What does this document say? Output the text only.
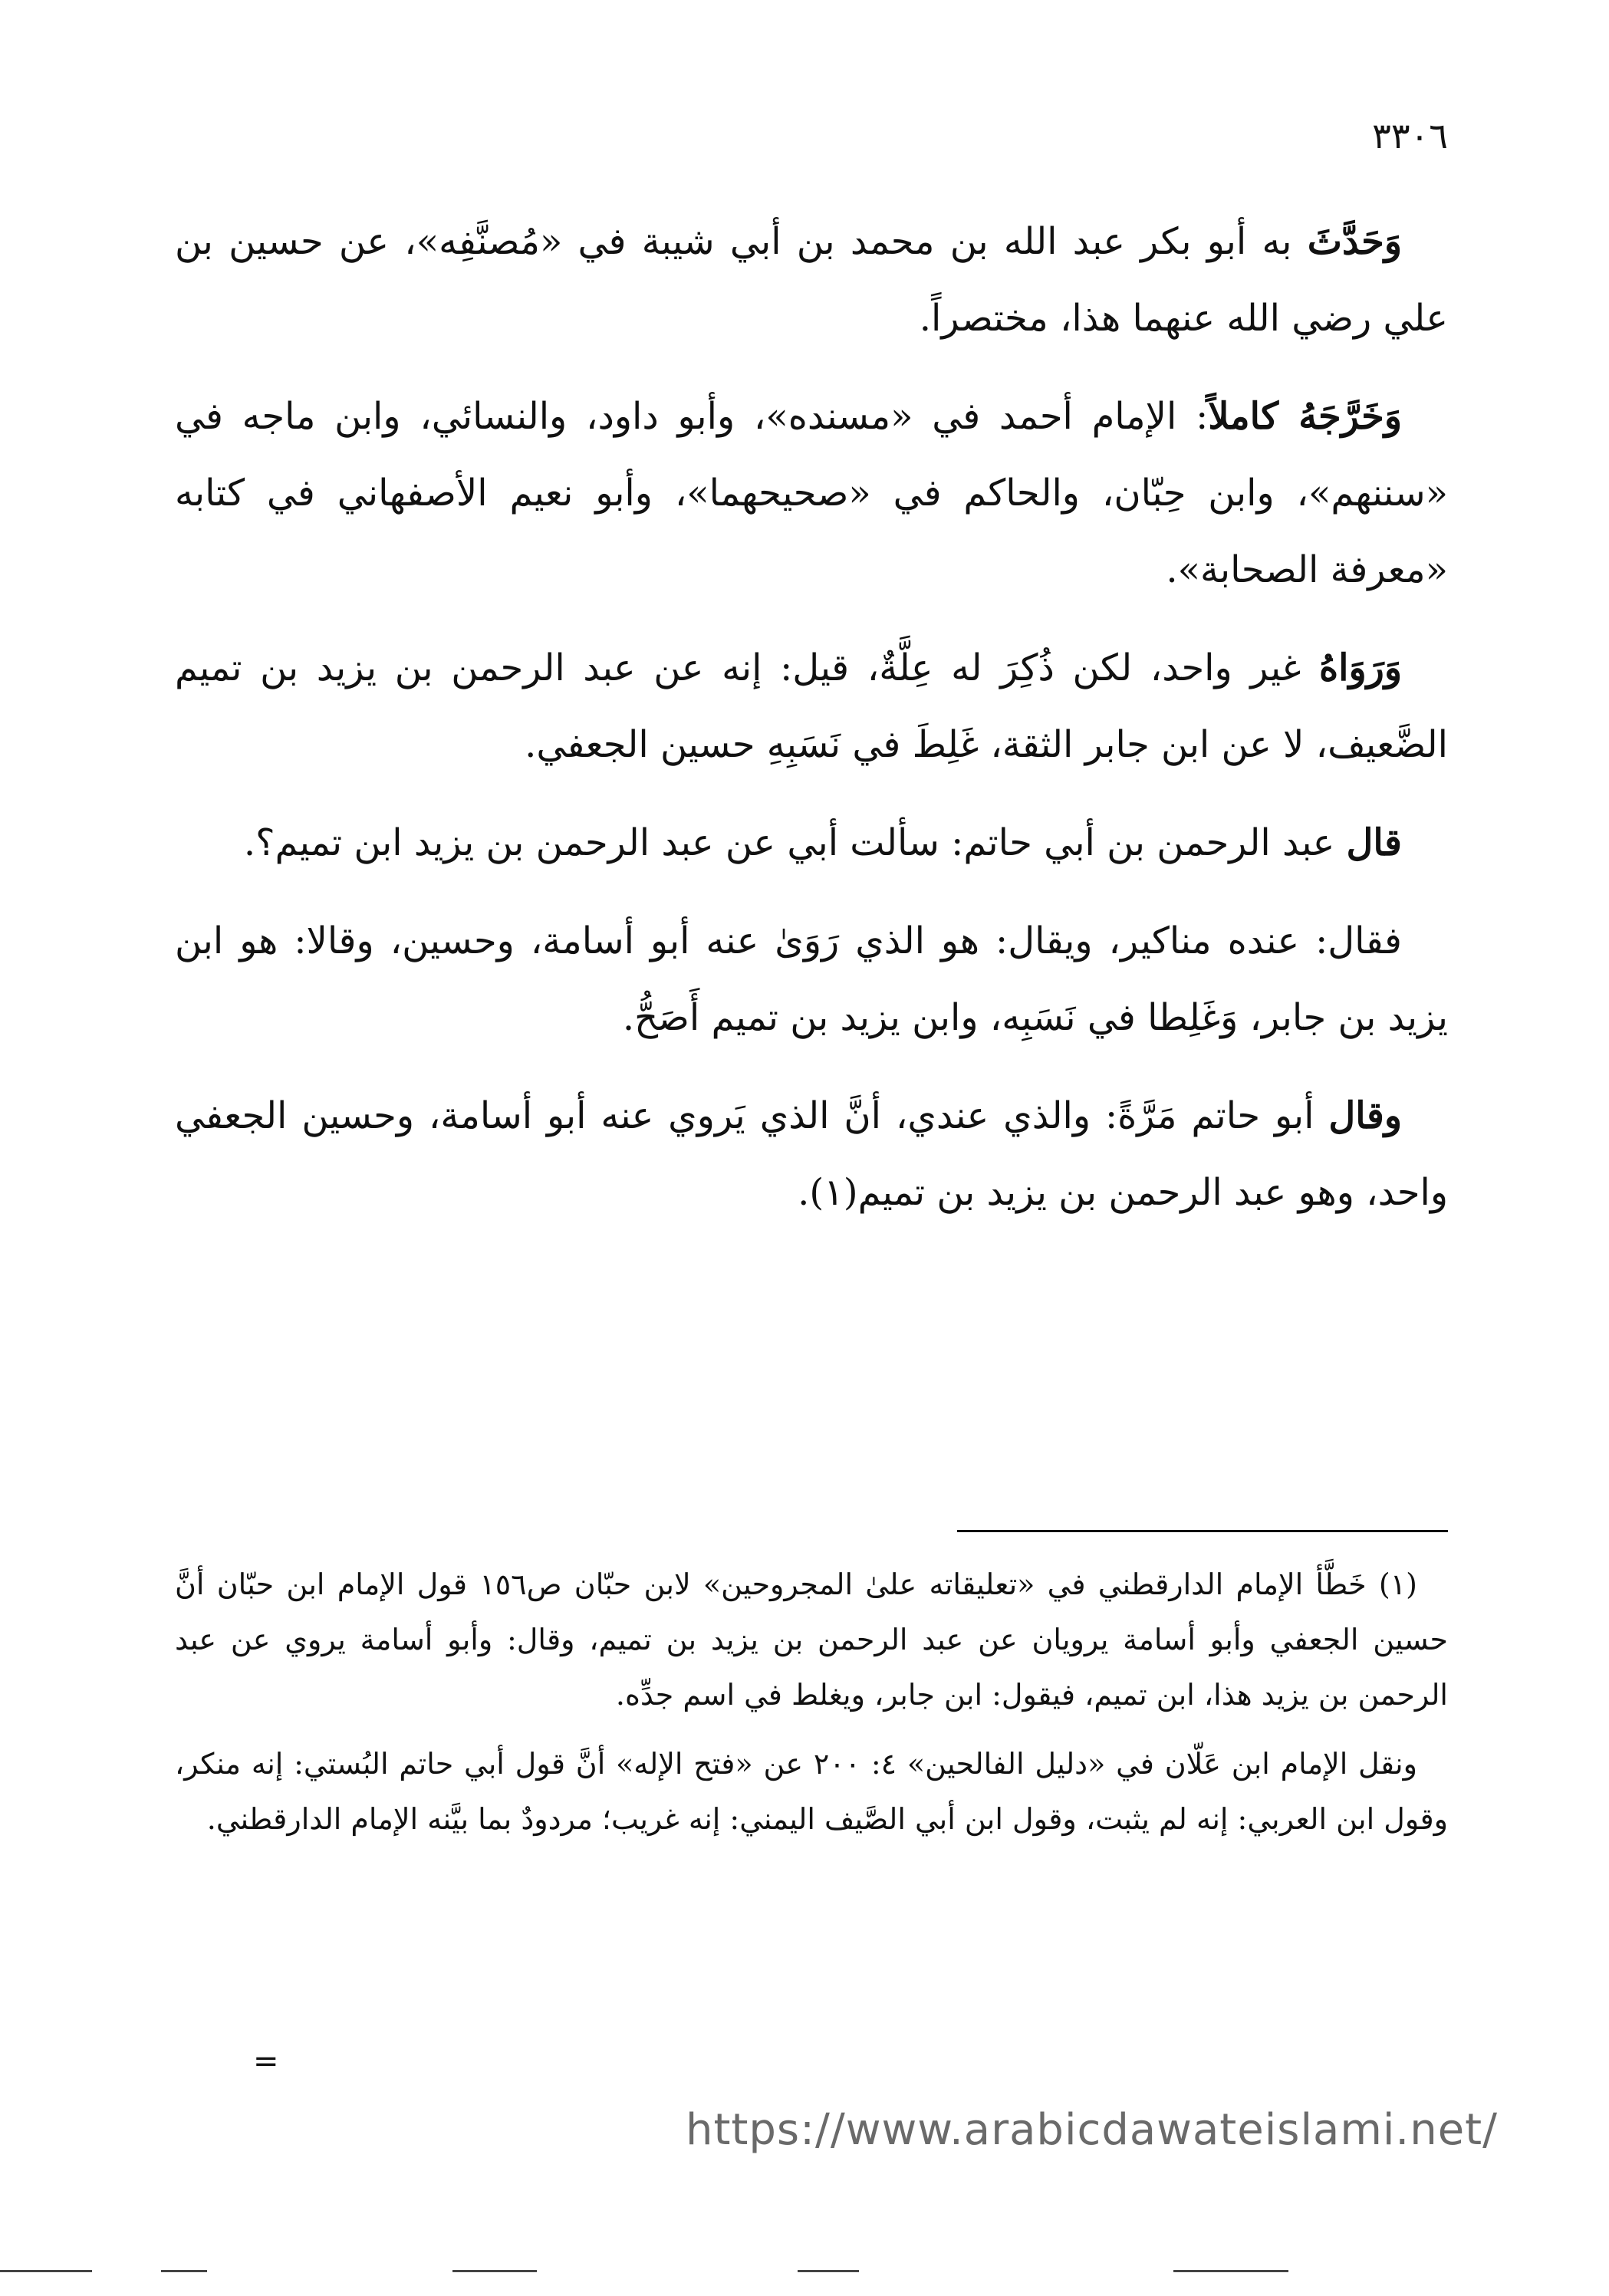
٣٣٠٦

وَحَدَّثَ به أبو بكر عبد الله بن محمد بن أبي شيبة في «مُصنَّفِه»، عن حسين بن علي رضي الله عنهما هذا، مختصراً.

وَخَرَّجَهُ كاملاً: الإمام أحمد في «مسنده»، وأبو داود، والنسائي، وابن ماجه في «سننهم»، وابن حِبّان، والحاكم في «صحيحهما»، وأبو نعيم الأصفهاني في كتابه «معرفة الصحابة».

وَرَوَاهُ غير واحد، لكن ذُكِرَ له عِلَّةٌ، قيل: إنه عن عبد الرحمن بن يزيد بن تميم الضَّعيف، لا عن ابن جابر الثقة، غَلِطَ في نَسَبِهِ حسين الجعفي.

قال عبد الرحمن بن أبي حاتم: سألت أبي عن عبد الرحمن بن يزيد ابن تميم؟.

فقال: عنده مناكير، ويقال: هو الذي رَوَىٰ عنه أبو أسامة، وحسين، وقالا: هو ابن يزيد بن جابر، وَغَلِطا في نَسَبِه، وابن يزيد بن تميم أَصَحُّ.

وقال أبو حاتم مَرَّةً: والذي عندي، أنَّ الذي يَروي عنه أبو أسامة، وحسين الجعفي واحد، وهو عبد الرحمن بن يزيد بن تميم(١).

(١) خَطَّأ الإمام الدارقطني في «تعليقاته علىٰ المجروحين» لابن حبّان ص١٥٦ قول الإمام ابن حبّان أنَّ حسين الجعفي وأبو أسامة يرويان عن عبد الرحمن بن يزيد بن تميم، وقال: وأبو أسامة يروي عن عبد الرحمن بن يزيد هذا، ابن تميم، فيقول: ابن جابر، ويغلط في اسم جدِّه.

ونقل الإمام ابن عَلّان في «دليل الفالحين» ٤: ٢٠٠ عن «فتح الإله» أنَّ قول أبي حاتم البُستي: إنه منكر، وقول ابن العربي: إنه لم يثبت، وقول ابن أبي الصَّيف اليمني: إنه غريب؛ مردودٌ بما بيَّنه الإمام الدارقطني.

=
https://www.arabicdawateislami.net/
